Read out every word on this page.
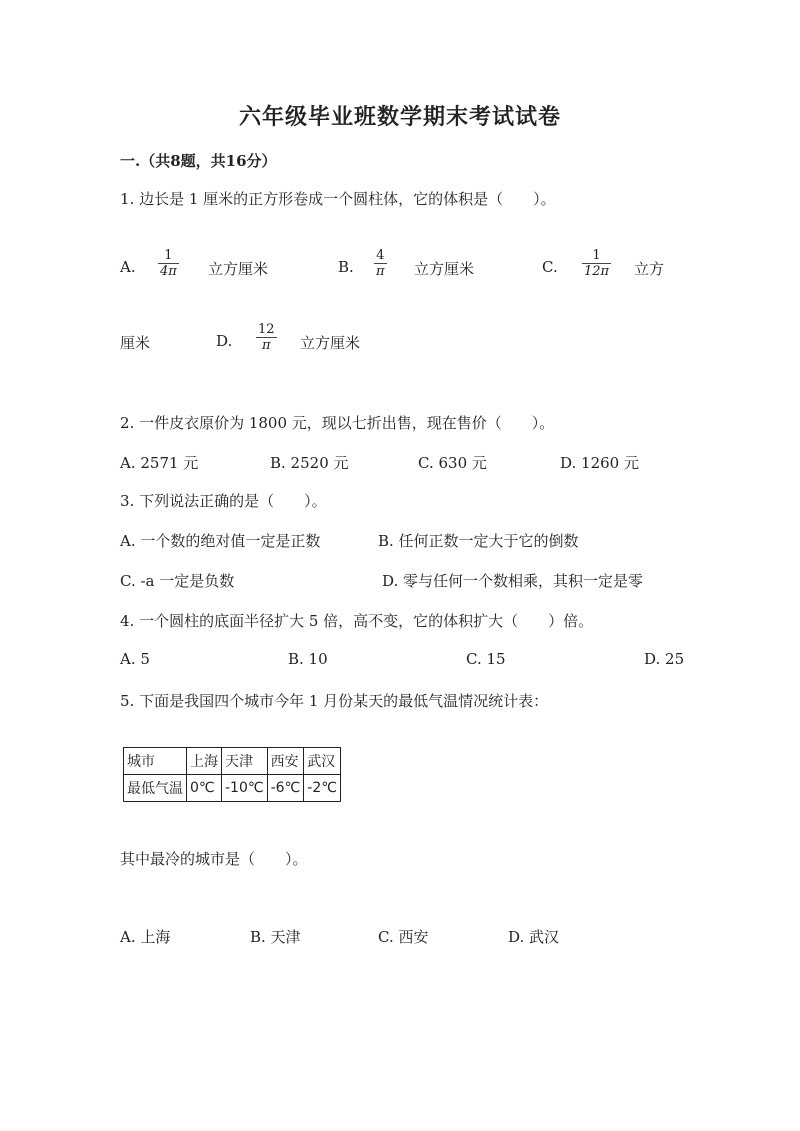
六年级毕业班数学期末考试试卷
一.（共8题，共16分）
1. 边长是 1 厘米的正方形卷成一个圆柱体，它的体积是（　　）。
A. $\frac{1}{4\pi}$ 立方厘米	B. $\frac{4}{\pi}$ 立方厘米	C. $\frac{1}{12\pi}$ 立方
厘米	D. $\frac{12}{\pi}$ 立方厘米
2. 一件皮衣原价为 1800 元，现以七折出售，现在售价（　　）。
A. 2571 元	B. 2520 元	C. 630 元	D. 1260 元
3. 下列说法正确的是（　　）。
A. 一个数的绝对值一定是正数	B. 任何正数一定大于它的倒数
C. -a 一定是负数	D. 零与任何一个数相乘，其积一定是零
4. 一个圆柱的底面半径扩大 5 倍，高不变，它的体积扩大（　　）倍。
A. 5	B. 10	C. 15	D. 25
5. 下面是我国四个城市今年 1 月份某天的最低气温情况统计表：
城市	上海	天津	西安	武汉
最低气温	0℃	-10℃	-6℃	-2℃
其中最冷的城市是（　　）。
A. 上海	B. 天津	C. 西安	D. 武汉
